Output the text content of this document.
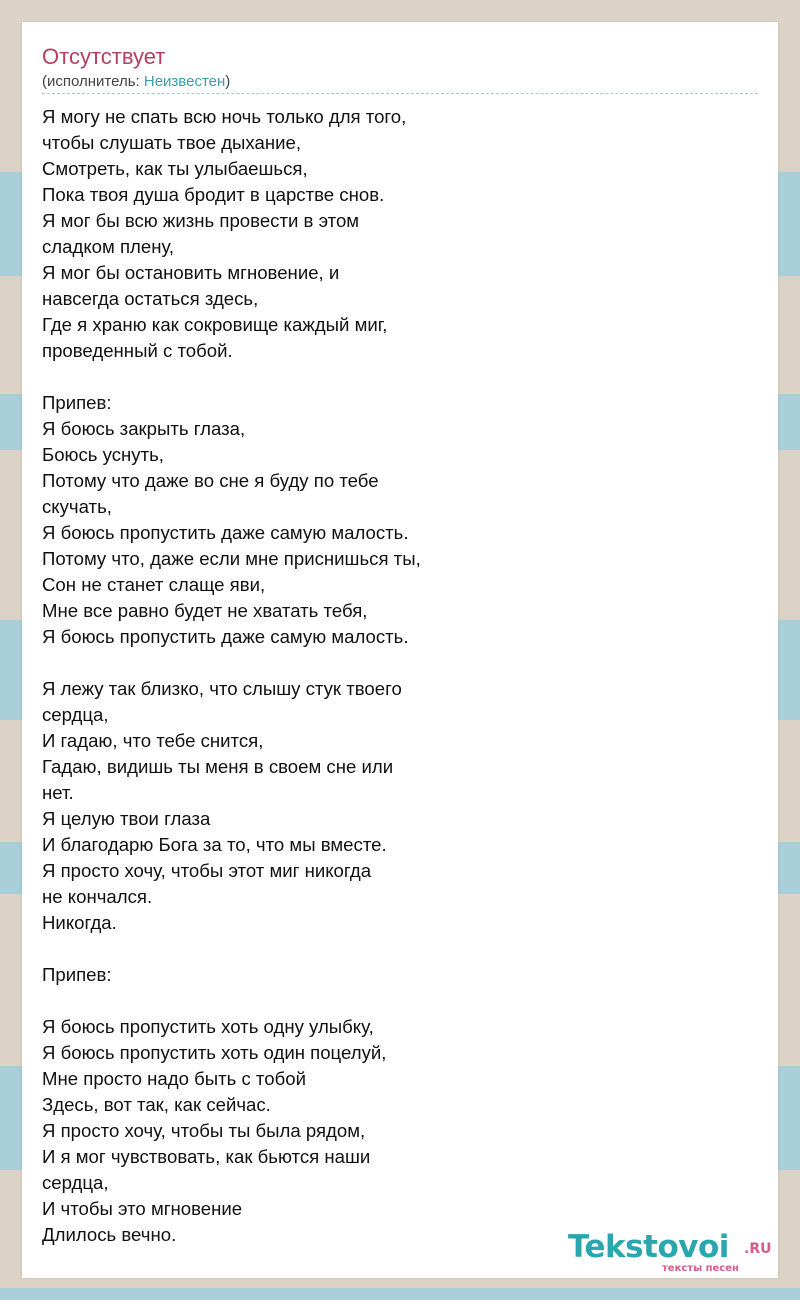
Отсутствует
(исполнитель: Неизвестен)
Я могу не спать всю ночь только для того,
чтобы слушать твое дыхание,
Смотреть, как ты улыбаешься,
Пока твоя душа бродит в царстве снов.
Я мог бы всю жизнь провести в этом
сладком плену,
Я мог бы остановить мгновение, и
навсегда остаться здесь,
Где я храню как сокровище каждый миг,
проведенный с тобой.
Припев:
Я боюсь закрыть глаза,
Боюсь уснуть,
Потому что даже во сне я буду по тебе
скучать,
Я боюсь пропустить даже самую малость.
Потому что, даже если мне приснишься ты,
Сон не станет слаще яви,
Мне все равно будет не хватать тебя,
Я боюсь пропустить даже самую малость.
Я лежу так близко, что слышу стук твоего
сердца,
И гадаю, что тебе снится,
Гадаю, видишь ты меня в своем сне или
нет.
Я целую твои глаза
И благодарю Бога за то, что мы вместе.
Я просто хочу, чтобы этот миг никогда
не кончался.
Никогда.
Припев:
Я боюсь пропустить хоть одну улыбку,
Я боюсь пропустить хоть один поцелуй,
Мне просто надо быть с тобой
Здесь, вот так, как сейчас.
Я просто хочу, чтобы ты была рядом,
И я мог чувствовать, как бьются наши
сердца,
И чтобы это мгновение
Длилось вечно.	Tekstovoi .RU
тексты песен
